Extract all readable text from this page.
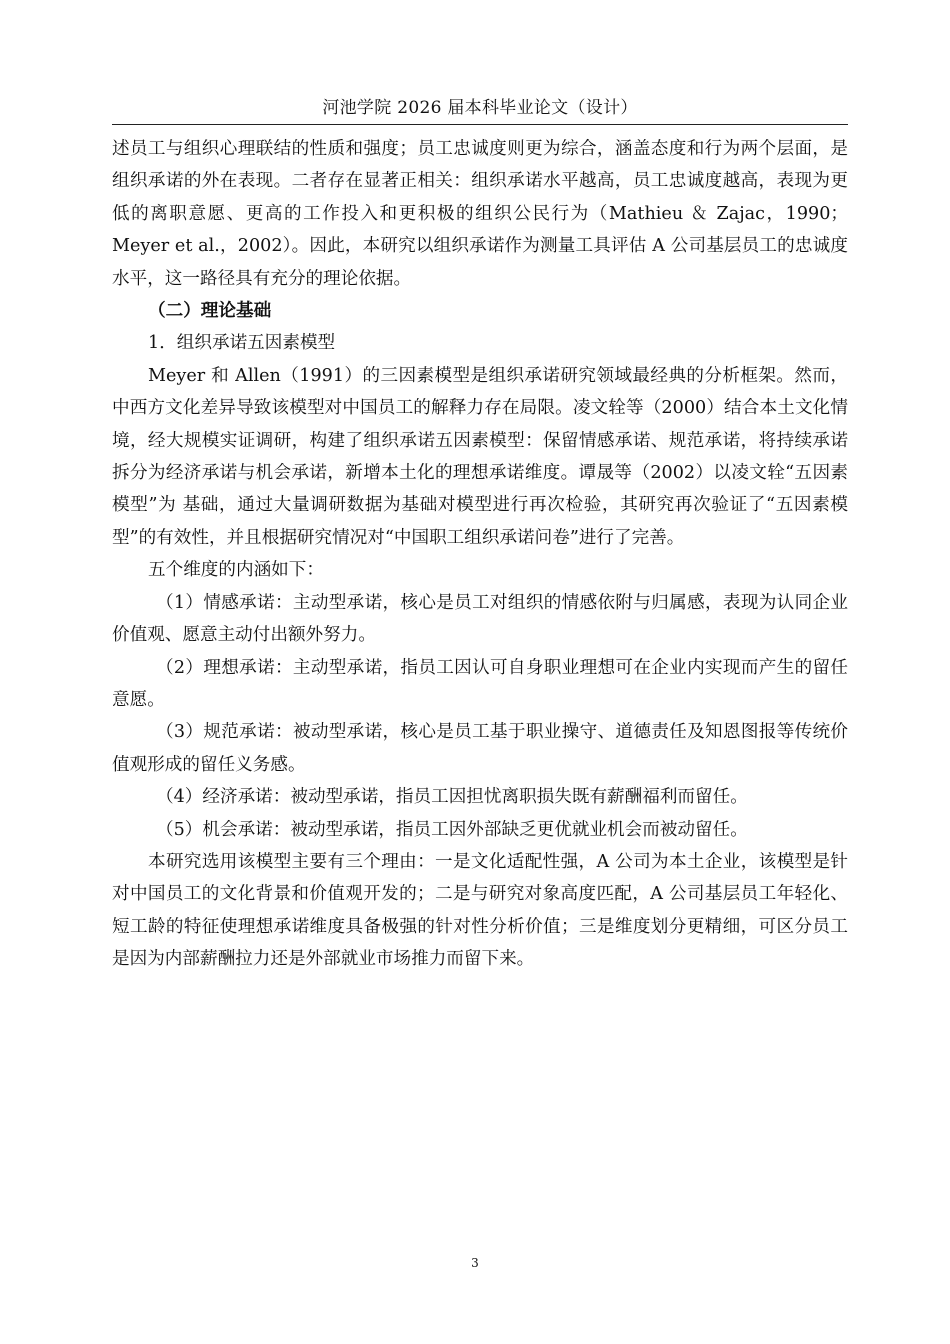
河池学院 2026 届本科毕业论文（设计）

述员工与组织心理联结的性质和强度；员工忠诚度则更为综合，涵盖态度和行为两个层面，是组织承诺的外在表现。二者存在显著正相关：组织承诺水平越高，员工忠诚度越高，表现为更低的离职意愿、更高的工作投入和更积极的组织公民行为（Mathieu ＆ Zajac，1990；Meyer et al.，2002）。因此，本研究以组织承诺作为测量工具评估 A 公司基层员工的忠诚度水平，这一路径具有充分的理论依据。

（二）理论基础

1．组织承诺五因素模型

Meyer 和 Allen（1991）的三因素模型是组织承诺研究领域最经典的分析框架。然而，中西方文化差异导致该模型对中国员工的解释力存在局限。凌文辁等（2000）结合本土文化情境，经大规模实证调研，构建了组织承诺五因素模型：保留情感承诺、规范承诺，将持续承诺拆分为经济承诺与机会承诺，新增本土化的理想承诺维度。谭晟等（2002）以凌文辁“五因素模型”为 基础，通过大量调研数据为基础对模型进行再次检验，其研究再次验证了“五因素模型”的有效性，并且根据研究情况对“中国职工组织承诺问卷”进行了完善。

五个维度的内涵如下：

（1）情感承诺：主动型承诺，核心是员工对组织的情感依附与归属感，表现为认同企业价值观、愿意主动付出额外努力。

（2）理想承诺：主动型承诺，指员工因认可自身职业理想可在企业内实现而产生的留任意愿。

（3）规范承诺：被动型承诺，核心是员工基于职业操守、道德责任及知恩图报等传统价值观形成的留任义务感。

（4）经济承诺：被动型承诺，指员工因担忧离职损失既有薪酬福利而留任。

（5）机会承诺：被动型承诺，指员工因外部缺乏更优就业机会而被动留任。

本研究选用该模型主要有三个理由：一是文化适配性强，A 公司为本土企业，该模型是针对中国员工的文化背景和价值观开发的；二是与研究对象高度匹配，A 公司基层员工年轻化、短工龄的特征使理想承诺维度具备极强的针对性分析价值；三是维度划分更精细，可区分员工是因为内部薪酬拉力还是外部就业市场推力而留下来。

3
